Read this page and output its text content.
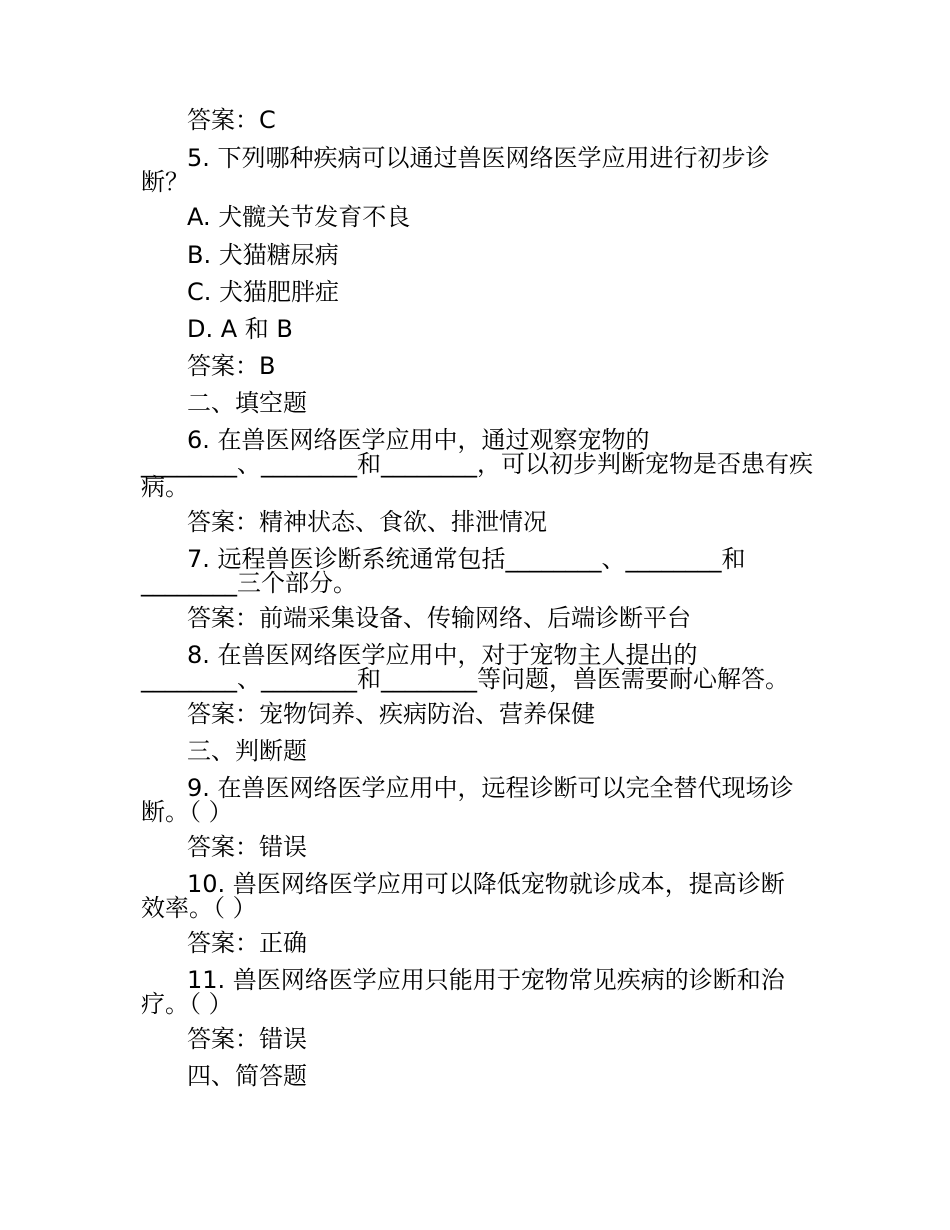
答案：C
5. 下列哪种疾病可以通过兽医网络医学应用进行初步诊
断？
A. 犬髋关节发育不良
B. 犬猫糖尿病
C. 犬猫肥胖症
D. A 和 B
答案：B
二、填空题
6. 在兽医网络医学应用中，通过观察宠物的
________、________和________，可以初步判断宠物是否患有疾
病。
答案：精神状态、食欲、排泄情况
7. 远程兽医诊断系统通常包括________、________和
________三个部分。
答案：前端采集设备、传输网络、后端诊断平台
8. 在兽医网络医学应用中，对于宠物主人提出的
________、________和________等问题，兽医需要耐心解答。
答案：宠物饲养、疾病防治、营养保健
三、判断题
9. 在兽医网络医学应用中，远程诊断可以完全替代现场诊
断。（ ）
答案：错误
10. 兽医网络医学应用可以降低宠物就诊成本，提高诊断
效率。（ ）
答案：正确
11. 兽医网络医学应用只能用于宠物常见疾病的诊断和治
疗。（ ）
答案：错误
四、简答题
